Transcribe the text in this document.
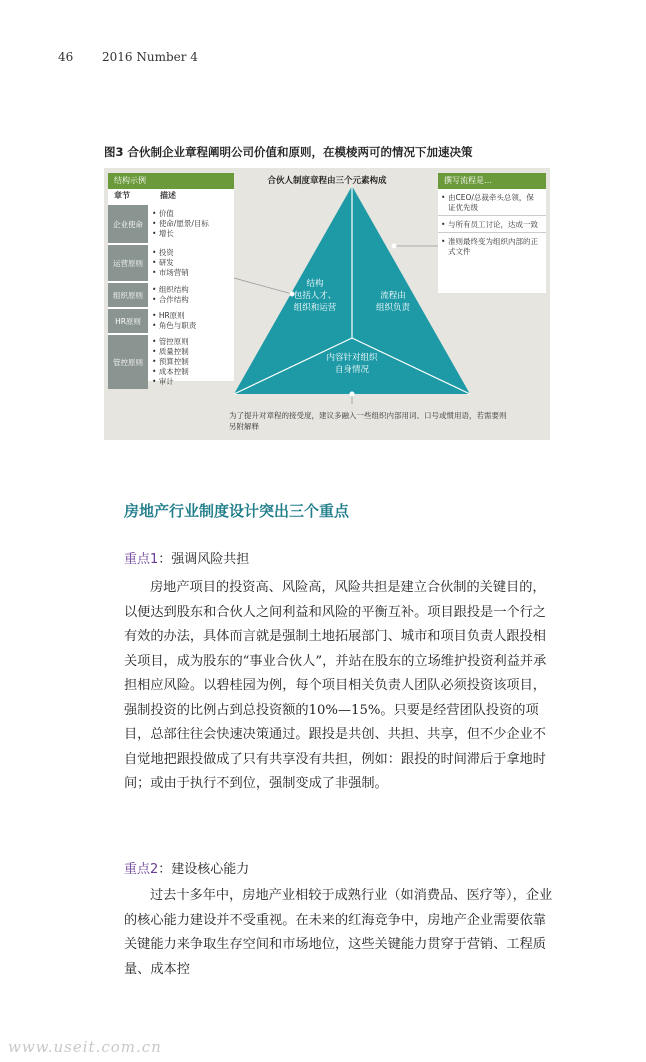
46 2016 Number 4
图3 合伙制企业章程阐明公司价值和原则，在模棱两可的情况下加速决策
合伙人制度章程由三个元素构成
结构示例
章节	描述
企业使命
• 价值
• 使命/愿景/目标
• 增长
运营原则
• 投资
• 研发
• 市场营销
组织原则
• 组织结构
• 合作结构
HR原则
• HR原则
• 角色与职责
管控原则
• 管控原则
• 质量控制
• 预算控制
• 成本控制
• 审计
撰写流程是…
• 由CEO/总裁牵头总领，保证优先级
• 与所有员工讨论，达成一致
• 准则最终变为组织内部的正式文件
结构
包括人才、
组织和运营
流程由
组织负责
内容针对组织
自身情况
为了提升对章程的接受度，建议多融入一些组织内部用词、口号或惯用语，若需要则另附解释
房地产行业制度设计突出三个重点
重点1：强调风险共担
房地产项目的投资高、风险高，风险共担是建立合伙制的关键目的，以便达到股东和合伙人之间利益和风险的平衡互补。项目跟投是一个行之有效的办法，具体而言就是强制土地拓展部门、城市和项目负责人跟投相关项目，成为股东的“事业合伙人”，并站在股东的立场维护投资利益并承担相应风险。以碧桂园为例，每个项目相关负责人团队必须投资该项目，强制投资的比例占到总投资额的10%—15%。只要是经营团队投资的项目，总部往往会快速决策通过。跟投是共创、共担、共享，但不少企业不自觉地把跟投做成了只有共享没有共担，例如：跟投的时间滞后于拿地时间；或由于执行不到位，强制变成了非强制。
重点2：建设核心能力
过去十多年中，房地产业相较于成熟行业（如消费品、医疗等），企业的核心能力建设并不受重视。在未来的红海竞争中，房地产企业需要依靠关键能力来争取生存空间和市场地位，这些关键能力贯穿于营销、工程质量、成本控
www.useit.com.cn
